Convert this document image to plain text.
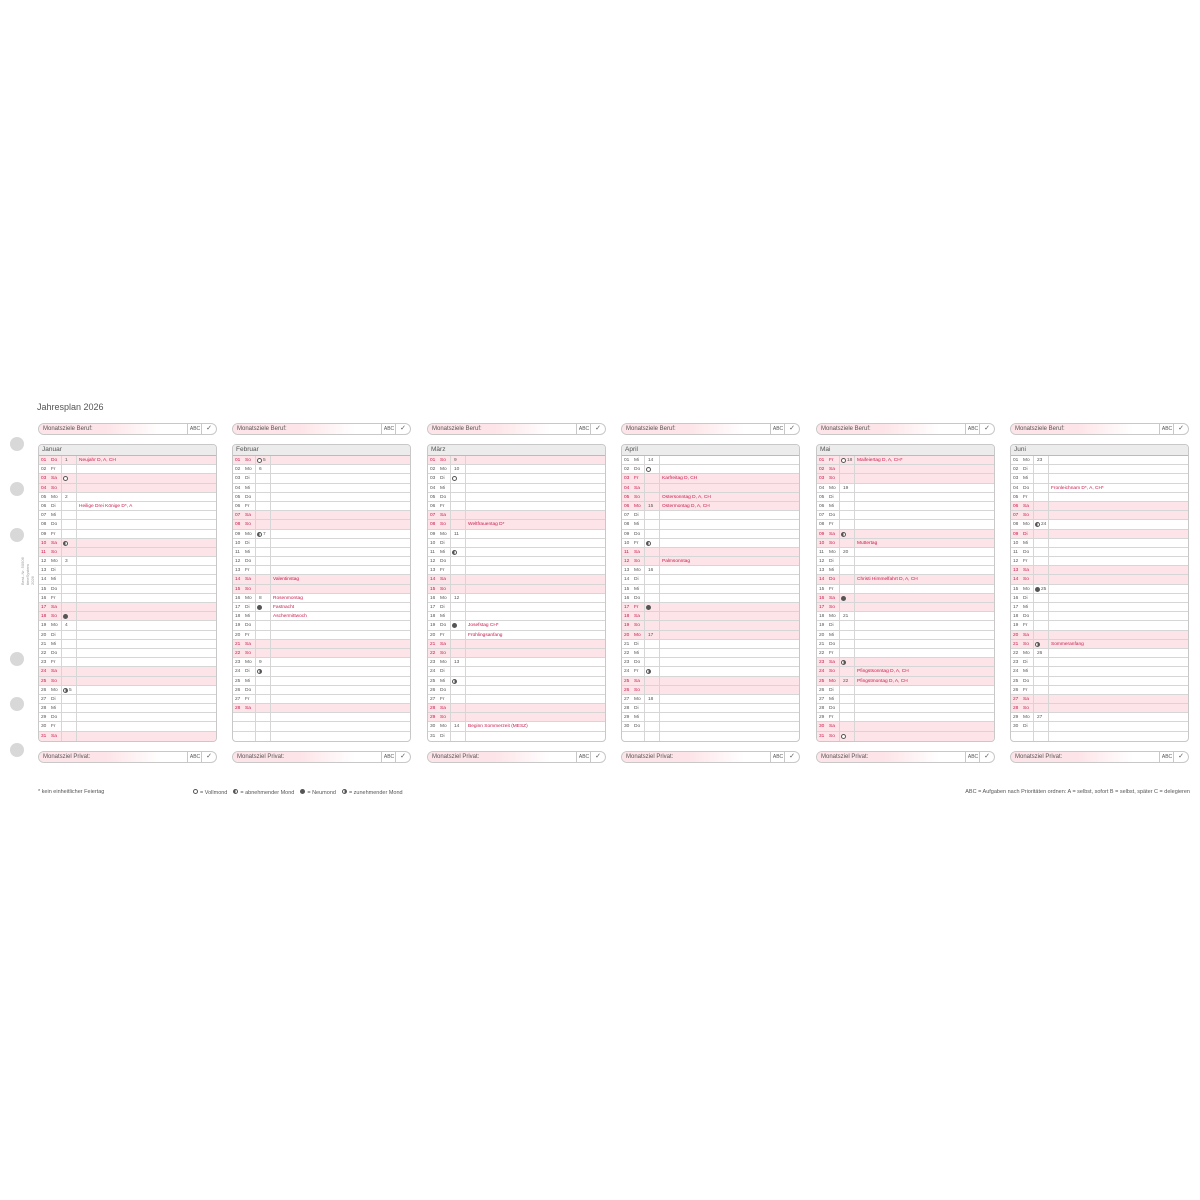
Best.-Nr. 50506 timeSystem 2026
Jahresplan 2026
Monatsziele Beruf:	ABC ✓
Januar
01 Do	1 Neujahr D, A, CH
02 Fr
03 Sa
04 So
05 Mo	2
06 Di	Heilige Drei Könige D*, A
07 Mi
08 Do
09 Fr
10 Sa
11	So
12 Mo	3
13 Di
14 Mi
15 Do
16 Fr
17 Sa
18 So
19 Mo	4
20 Di
21 Mi
22 Do
23 Fr
24 Sa
25 So
26 Mo	5
27 Di
28 Mi
29 Do
30 Fr
31 Sa
Monatsziel Privat:	ABC ✓
Monatsziele Beruf:	ABC ✓
Februar
01 So	5
02 Mo	6
03 Di
04 Mi
05 Do
06 Fr
07 Sa
08 So
09 Mo	7
10 Di
11	Mi
12 Do
13 Fr
14 Sa	Valentinstag
15 So
16 Mo	8 Rosenmontag
17 Di	Fastnacht
18 Mi	Aschermittwoch
19 Do
20 Fr
21 Sa
22 So
23 Mo	9
24 Di
25 Mi
26 Do
27 Fr
28 Sa
Monatsziel Privat:	ABC ✓
Monatsziele Beruf:	ABC ✓
März
01 So	9
02 Mo	10
03 Di
04 Mi
05 Do
06 Fr
07 Sa
08 So	Weltfrauentag D*
09 Mo	11
10 Di
11	Mi
12 Do
13 Fr
14 Sa
15 So
16 Mo	12
17 Di
18 Mi
19 Do	Josefstag CH*
20 Fr	Frühlingsanfang
21 Sa
22 So
23 Mo	13
24 Di
25 Mi
26 Do
27 Fr
28 Sa
29 So
30 Mo	14 Beginn Sommerzeit (MESZ)
31 Di
Monatsziel Privat:	ABC ✓
Monatsziele Beruf:	ABC ✓
April
01 Mi	14
02 Do
03 Fr	Karfreitag D, CH
04 Sa
05 So	Ostersonntag D, A, CH
06 Mo	15 Ostermontag D, A, CH
07 Di
08 Mi
09 Do
10 Fr
11	Sa
12 So	Palmsonntag
13 Mo	16
14 Di
15 Mi
16 Do
17 Fr
18 Sa
19 So
20 Mo	17
21 Di
22 Mi
23 Do
24 Fr
25 Sa
26 So
27 Mo	18
28 Di
29 Mi
30 Do
Monatsziel Privat:	ABC ✓
Monatsziele Beruf:	ABC ✓
Mai
01 Fr	18 Maifeiertag D, A, CH*
02 Sa
03 So
04 Mo	19
05 Di
06 Mi
07 Do
08 Fr
09 Sa
10 So	Muttertag
11	Mo	20
12 Di
13 Mi
14 Do	Christi Himmelfahrt D, A, CH
15 Fr
16 Sa
17 So
18 Mo	21
19 Di
20 Mi
21 Do
22 Fr
23 Sa
24 So	Pfingstsonntag D, A, CH
25 Mo	22 Pfingstmontag D, A, CH
26 Di
27 Mi
28 Do
29 Fr
30 Sa
31 So
Monatsziel Privat:	ABC ✓
Monatsziele Beruf:	ABC ✓
Juni
01 Mo	23
02 Di
03 Mi
04 Do	Fronleichnam D*, A, CH*
05 Fr
06 Sa
07 So
08 Mo	24
09 Di
10 Mi
11	Do
12 Fr
13 Sa
14 So
15 Mo	25
16 Di
17 Mi
18 Do
19 Fr
20 Sa
21 So	Sommeranfang
22 Mo	26
23 Di
24 Mi
25 Do
26 Fr
27 Sa
28 So
29 Mo	27
30 Di
Monatsziel Privat:	ABC ✓
* kein einheitlicher Feiertag	= Vollmond = abnehmender Mond = Neumond = zunehmender Mond	ABC = Aufgaben nach Prioritäten ordnen: A = selbst, sofort B = selbst, später C = delegieren
